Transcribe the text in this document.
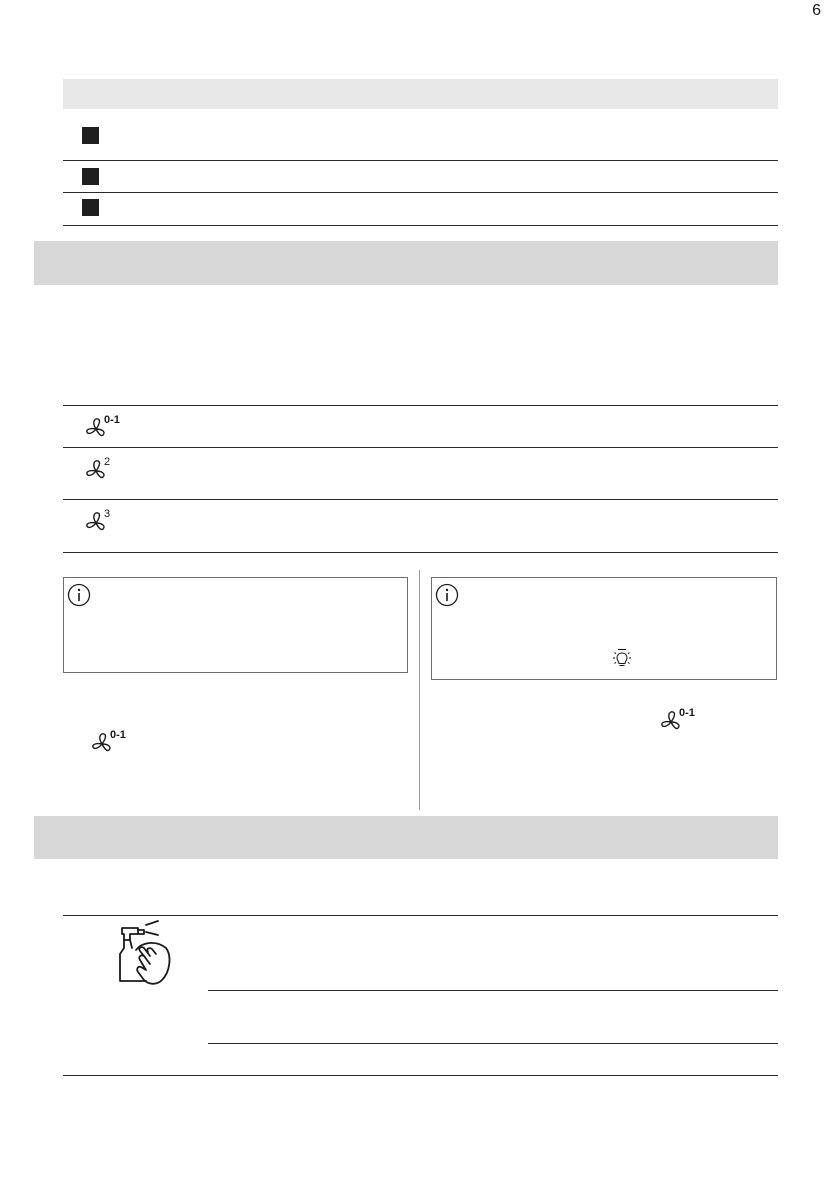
6
0-1
2
3
0-1
0-1
